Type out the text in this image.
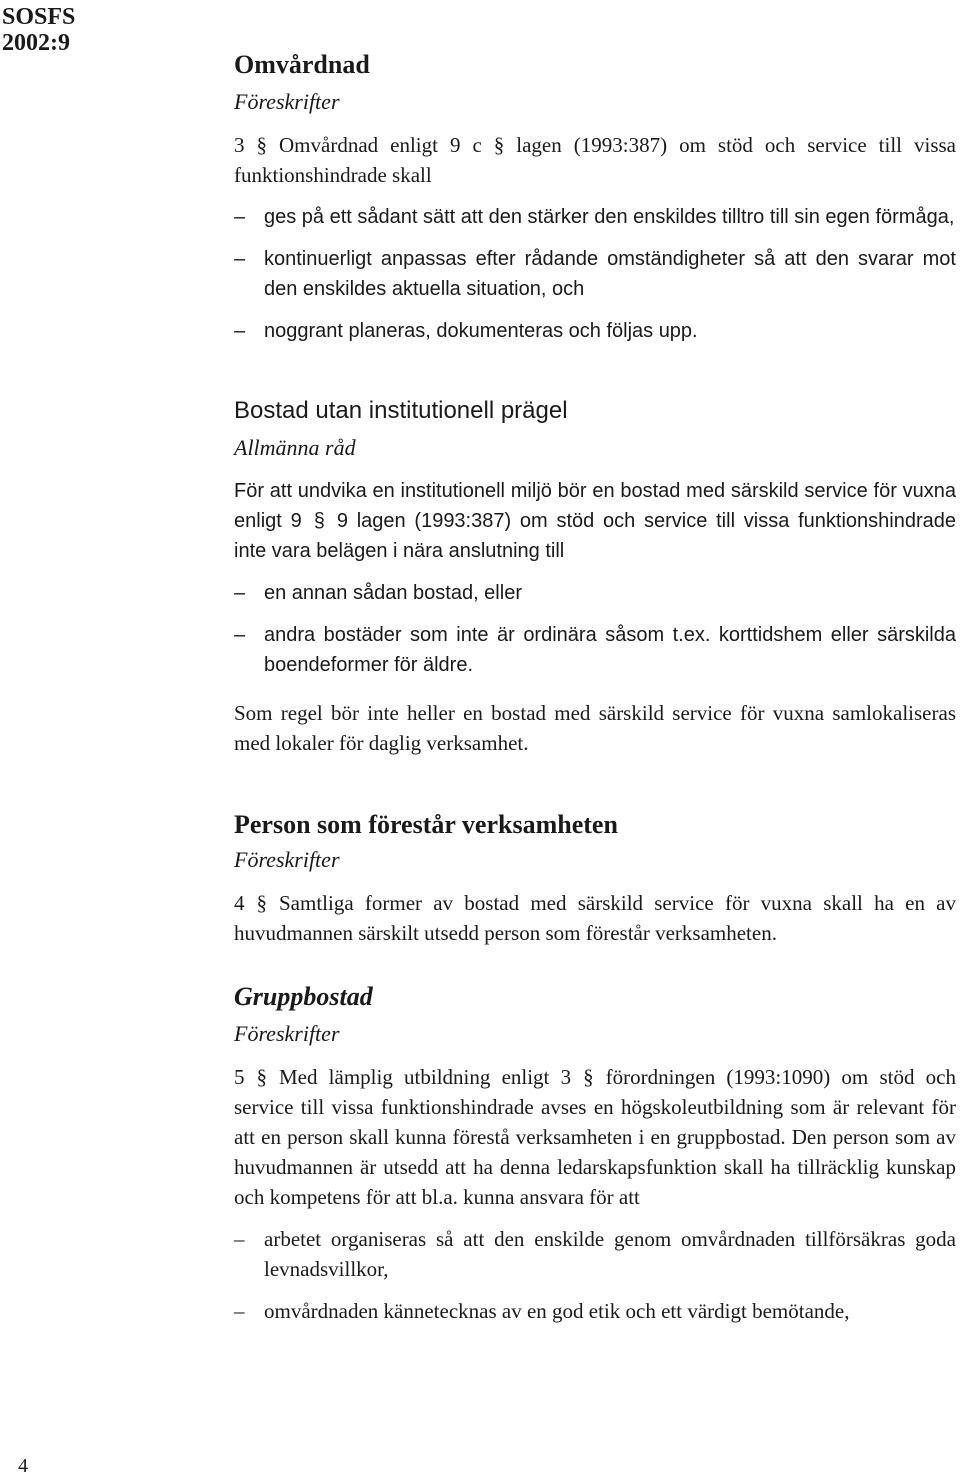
SOSFS
2002:9
4
Omvårdnad
Föreskrifter

3 § Omvårdnad enligt 9 c § lagen (1993:387) om stöd och service till vissa funktionshindrade skall

– ges på ett sådant sätt att den stärker den enskildes tilltro till sin egen förmåga,
– kontinuerligt anpassas efter rådande omständigheter så att den svarar mot den enskildes aktuella situation, och
– noggrant planeras, dokumenteras och följas upp.
Bostad utan institutionell prägel
Allmänna råd

För att undvika en institutionell miljö bör en bostad med särskild service för vuxna enligt 9 § 9 lagen (1993:387) om stöd och service till vissa funktionshindrade inte vara belägen i nära anslutning till

– en annan sådan bostad, eller
– andra bostäder som inte är ordinära såsom t.ex. korttidshem eller särskilda boendeformer för äldre.

Som regel bör inte heller en bostad med särskild service för vuxna samlokaliseras med lokaler för daglig verksamhet.

Person som förestår verksamheten
Föreskrifter

4 § Samtliga former av bostad med särskild service för vuxna skall ha en av huvudmannen särskilt utsedd person som förestår verksamheten.

Gruppbostad
Föreskrifter

5 § Med lämplig utbildning enligt 3 § förordningen (1993:1090) om stöd och service till vissa funktionshindrade avses en högskoleutbildning som är relevant för att en person skall kunna förestå verksamheten i en gruppbostad. Den person som av huvudmannen är utsedd att ha denna ledarskapsfunktion skall ha tillräcklig kunskap och kompetens för att bl.a. kunna ansvara för att

– arbetet organiseras så att den enskilde genom omvårdnaden tillförsäkras goda levnadsvillkor,
– omvårdnaden kännetecknas av en god etik och ett värdigt bemötande,
